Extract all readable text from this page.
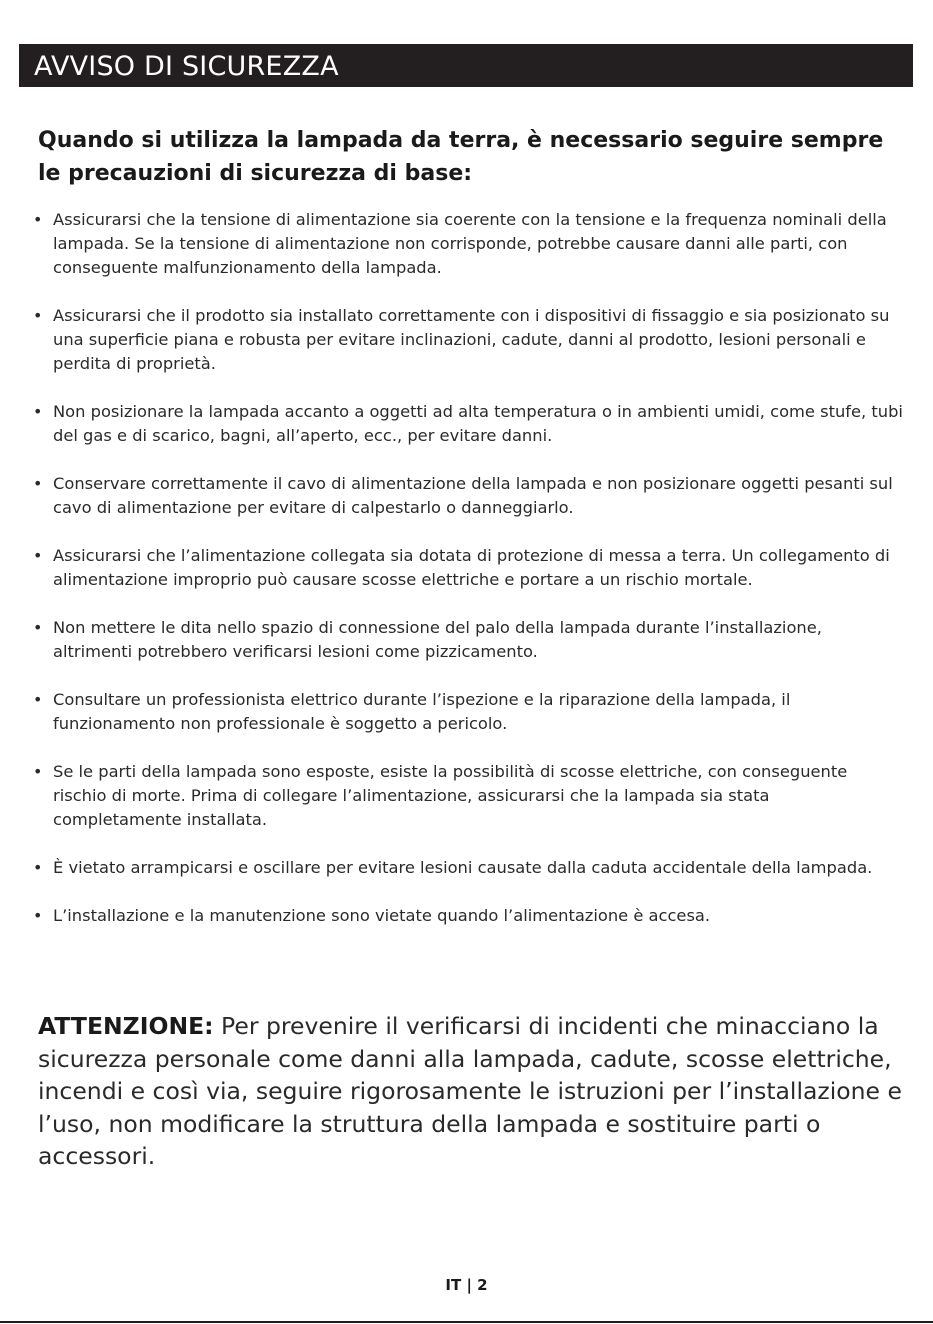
AVVISO DI SICUREZZA
Quando si utilizza la lampada da terra, è necessario seguire sempre le precauzioni di sicurezza di base:
• Assicurarsi che la tensione di alimentazione sia coerente con la tensione e la frequenza nominali della lampada. Se la tensione di alimentazione non corrisponde, potrebbe causare danni alle parti, con conseguente malfunzionamento della lampada.
• Assicurarsi che il prodotto sia installato correttamente con i dispositivi di fissaggio e sia posizionato su una superficie piana e robusta per evitare inclinazioni, cadute, danni al prodotto, lesioni personali e perdita di proprietà.
• Non posizionare la lampada accanto a oggetti ad alta temperatura o in ambienti umidi, come stufe, tubi del gas e di scarico, bagni, all’aperto, ecc., per evitare danni.
• Conservare correttamente il cavo di alimentazione della lampada e non posizionare oggetti pesanti sul cavo di alimentazione per evitare di calpestarlo o danneggiarlo.
• Assicurarsi che l’alimentazione collegata sia dotata di protezione di messa a terra. Un collegamento di alimentazione improprio può causare scosse elettriche e portare a un rischio mortale.
• Non mettere le dita nello spazio di connessione del palo della lampada durante l’installazione, altrimenti potrebbero verificarsi lesioni come pizzicamento.
• Consultare un professionista elettrico durante l’ispezione e la riparazione della lampada, il funzionamento non professionale è soggetto a pericolo.
• Se le parti della lampada sono esposte, esiste la possibilità di scosse elettriche, con conseguente rischio di morte. Prima di collegare l’alimentazione, assicurarsi che la lampada sia stata completamente installata.
• È vietato arrampicarsi e oscillare per evitare lesioni causate dalla caduta accidentale della lampada.
• L’installazione e la manutenzione sono vietate quando l’alimentazione è accesa.
ATTENZIONE: Per prevenire il verificarsi di incidenti che minacciano la sicurezza personale come danni alla lampada, cadute, scosse elettriche, incendi e così via, seguire rigorosamente le istruzioni per l’installazione e l’uso, non modificare la struttura della lampada e sostituire parti o accessori.
IT | 2
